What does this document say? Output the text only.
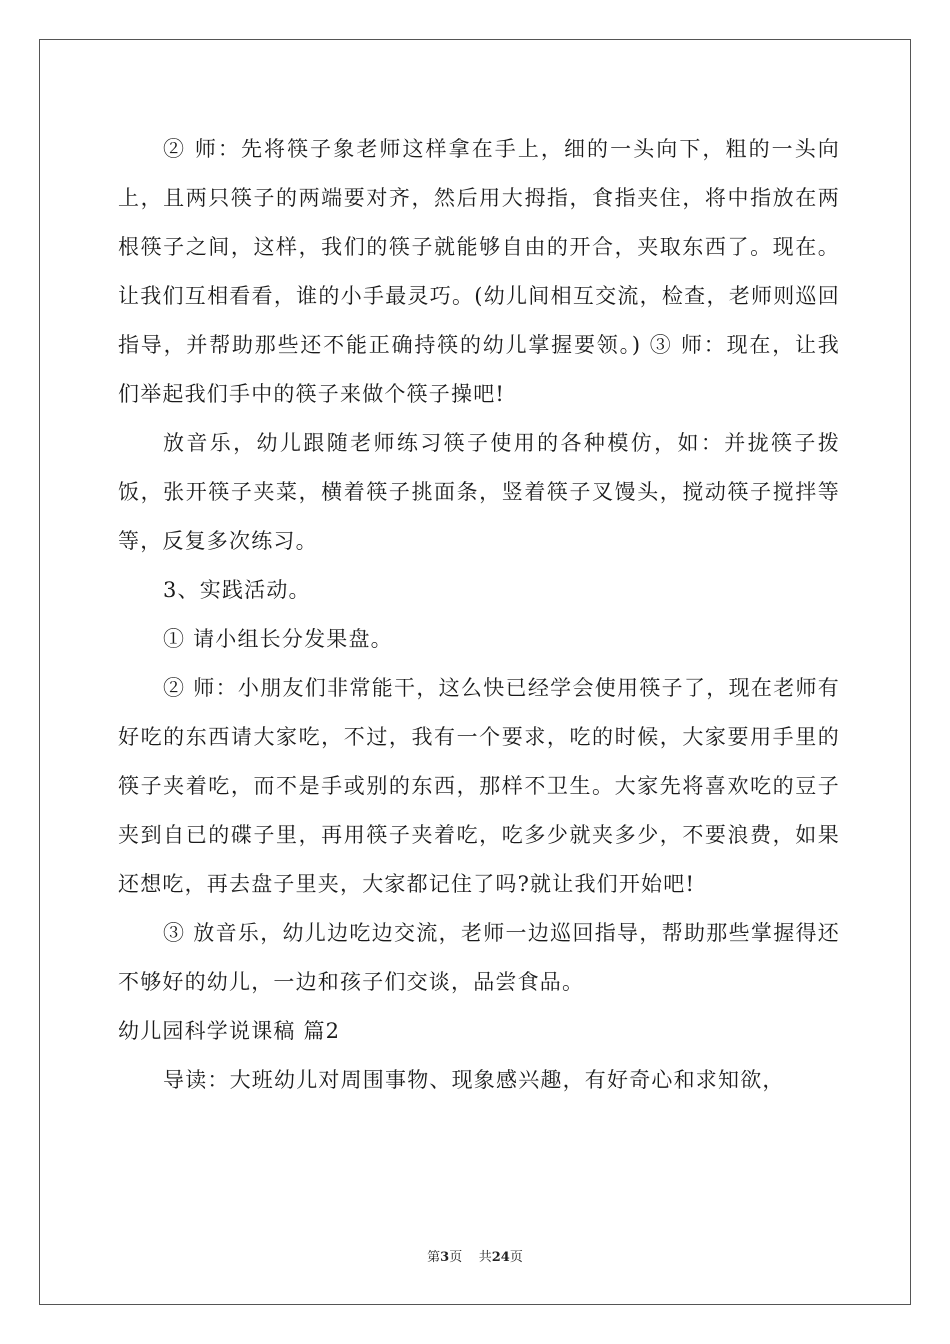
② 师：先将筷子象老师这样拿在手上，细的一头向下，粗的一头向上，且两只筷子的两端要对齐，然后用大拇指，食指夹住，将中指放在两根筷子之间，这样，我们的筷子就能够自由的开合，夹取东西了。现在。让我们互相看看，谁的小手最灵巧。(幼儿间相互交流，检查，老师则巡回指导，并帮助那些还不能正确持筷的幼儿掌握要领。) ③ 师：现在，让我们举起我们手中的筷子来做个筷子操吧!

放音乐，幼儿跟随老师练习筷子使用的各种模仿，如：并拢筷子拨饭，张开筷子夹菜，横着筷子挑面条，竖着筷子叉馒头，搅动筷子搅拌等等，反复多次练习。

3、实践活动。

① 请小组长分发果盘。

② 师：小朋友们非常能干，这么快已经学会使用筷子了，现在老师有好吃的东西请大家吃，不过，我有一个要求，吃的时候，大家要用手里的筷子夹着吃，而不是手或别的东西，那样不卫生。大家先将喜欢吃的豆子夹到自已的碟子里，再用筷子夹着吃，吃多少就夹多少，不要浪费，如果还想吃，再去盘子里夹，大家都记住了吗?就让我们开始吧!

③ 放音乐，幼儿边吃边交流，老师一边巡回指导，帮助那些掌握得还不够好的幼儿，一边和孩子们交谈，品尝食品。

幼儿园科学说课稿 篇2

导读：大班幼儿对周围事物、现象感兴趣，有好奇心和求知欲，

第3页 共24页
